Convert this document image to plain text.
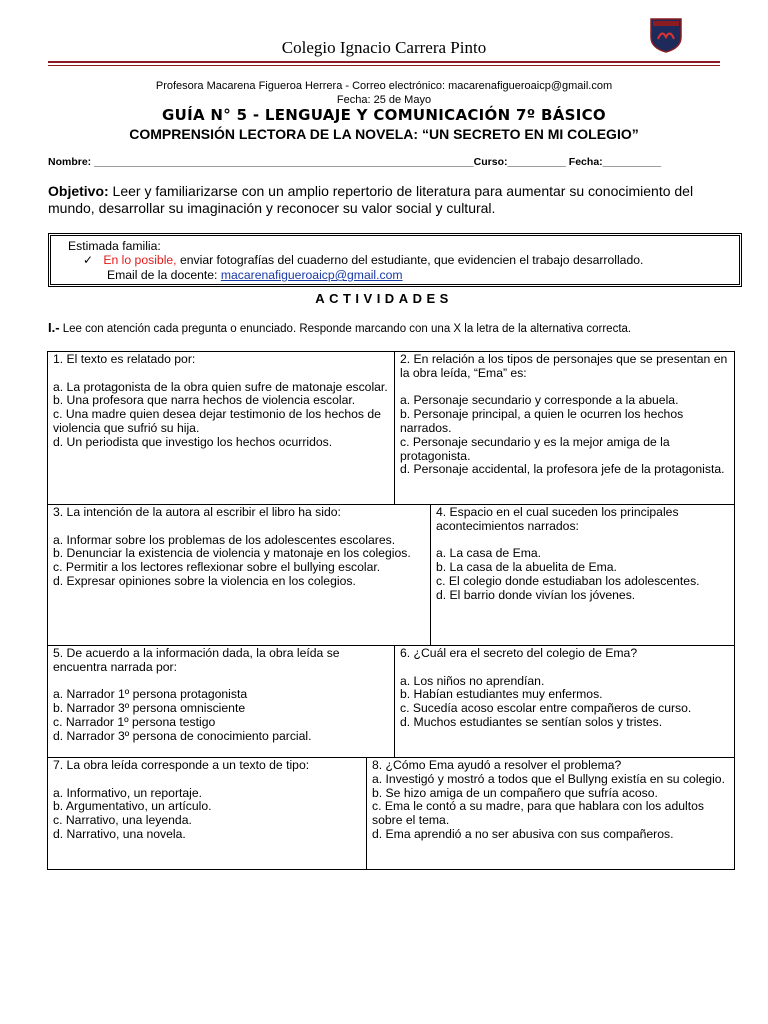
Colegio Ignacio Carrera Pinto
Profesora Macarena Figueroa Herrera - Correo electrónico: macarenafigueroaicp@gmail.com
Fecha: 25 de Mayo
GUÍA N° 5 - LENGUAJE Y COMUNICACIÓN 7º BÁSICO
COMPRENSIÓN LECTORA DE LA NOVELA: “UN SECRETO EN MI COLEGIO”
Nombre: _________________________________________________________________Curso:__________ Fecha:__________
Objetivo: Leer y familiarizarse con un amplio repertorio de literatura para aumentar su conocimiento del mundo, desarrollar su imaginación y reconocer su valor social y cultural.
Estimada familia:
✓ En lo posible, enviar fotografías del cuaderno del estudiante, que evidencien el trabajo desarrollado.
Email de la docente: macarenafigueroaicp@gmail.com
ACTIVIDADES
I.- Lee con atención cada pregunta o enunciado. Responde marcando con una X la letra de la alternativa correcta.
1. El texto es relatado por:
a. La protagonista de la obra quien sufre de matonaje escolar.
b. Una profesora que narra hechos de violencia escolar.
c. Una madre quien desea dejar testimonio de los hechos de violencia que sufrió su hija.
d. Un periodista que investigo los hechos ocurridos.
2. En relación a los tipos de personajes que se presentan en la obra leída, “Ema” es:
a. Personaje secundario y corresponde a la abuela.
b. Personaje principal, a quien le ocurren los hechos narrados.
c. Personaje secundario y es la mejor amiga de la protagonista.
d. Personaje accidental, la profesora jefe de la protagonista.
3. La intención de la autora al escribir el libro ha sido:
a. Informar sobre los problemas de los adolescentes escolares.
b. Denunciar la existencia de violencia y matonaje en los colegios.
c. Permitir a los lectores reflexionar sobre el bullying escolar.
d. Expresar opiniones sobre la violencia en los colegios.
4. Espacio en el cual suceden los principales acontecimientos narrados:
a. La casa de Ema.
b. La casa de la abuelita de Ema.
c. El colegio donde estudiaban los adolescentes.
d. El barrio donde vivían los jóvenes.
5. De acuerdo a la información dada, la obra leída se encuentra narrada por:
a. Narrador 1º persona protagonista
b. Narrador 3º persona omnisciente
c. Narrador 1º persona testigo
d. Narrador 3º persona de conocimiento parcial.
6. ¿Cuál era el secreto del colegio de Ema?
a. Los niños no aprendían.
b. Habían estudiantes muy enfermos.
c. Sucedía acoso escolar entre compañeros de curso.
d. Muchos estudiantes se sentían solos y tristes.
7. La obra leída corresponde a un texto de tipo:
a. Informativo, un reportaje.
b. Argumentativo, un artículo.
c. Narrativo, una leyenda.
d. Narrativo, una novela.
8. ¿Cómo Ema ayudó a resolver el problema?
a. Investigó y mostró a todos que el Bullyng existía en su colegio.
b. Se hizo amiga de un compañero que sufría acoso.
c. Ema le contó a su madre, para que hablara con los adultos sobre el tema.
d. Ema aprendió a no ser abusiva con sus compañeros.
